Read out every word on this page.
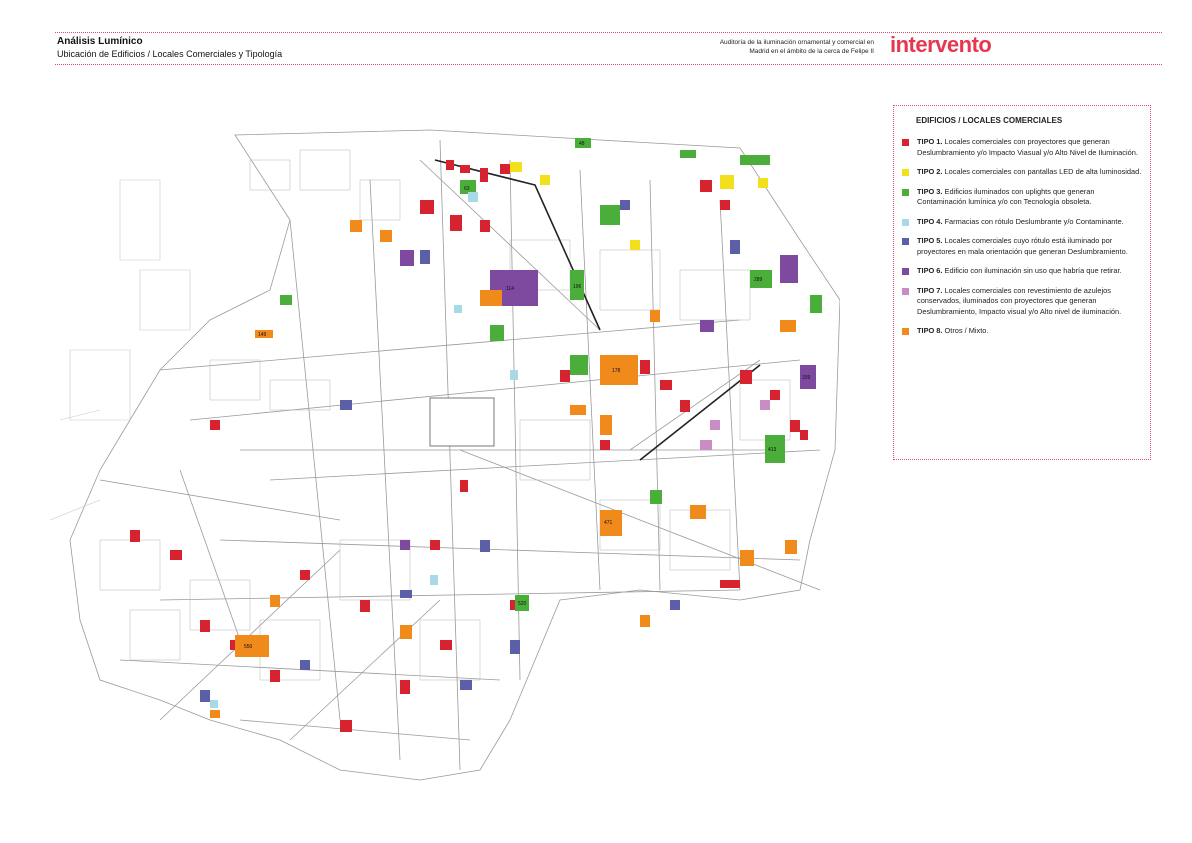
Análisis Lumínico
Ubicación de Edificios / Locales Comerciales y Tipología
Auditoría de la iluminación ornamental y comercial en
Madrid en el ámbito de la cerca de Felipe II intervento
48
63
114
149
178
196
289
339
413
471
520
550
EDIFICIOS / LOCALES COMERCIALES
TIPO 1. Locales comerciales con proyectores que generan Deslumbramiento y/o Impacto Viasual y/o Alto Nivel de Iluminación.
TIPO 2. Locales comerciales con pantallas LED de alta luminosidad.
TIPO 3. Edificios iluminados con uplights que generan Contaminación lumínica y/o con Tecnología obsoleta.
TIPO 4. Farmacias con rótulo Deslumbrante y/o Contaminante.
TIPO 5. Locales comerciales cuyo rótulo está iluminado por proyectores en mala orientación que generan Deslumbramiento.
TIPO 6. Edificio con iluminación sin uso que habría que retirar.
TIPO 7. Locales comerciales con revestimiento de azulejos conservados, iluminados con proyectores que generan Deslumbramiento, Impacto visual y/o Alto nivel de iluminación.
TIPO 8. Otros / Mixto.
